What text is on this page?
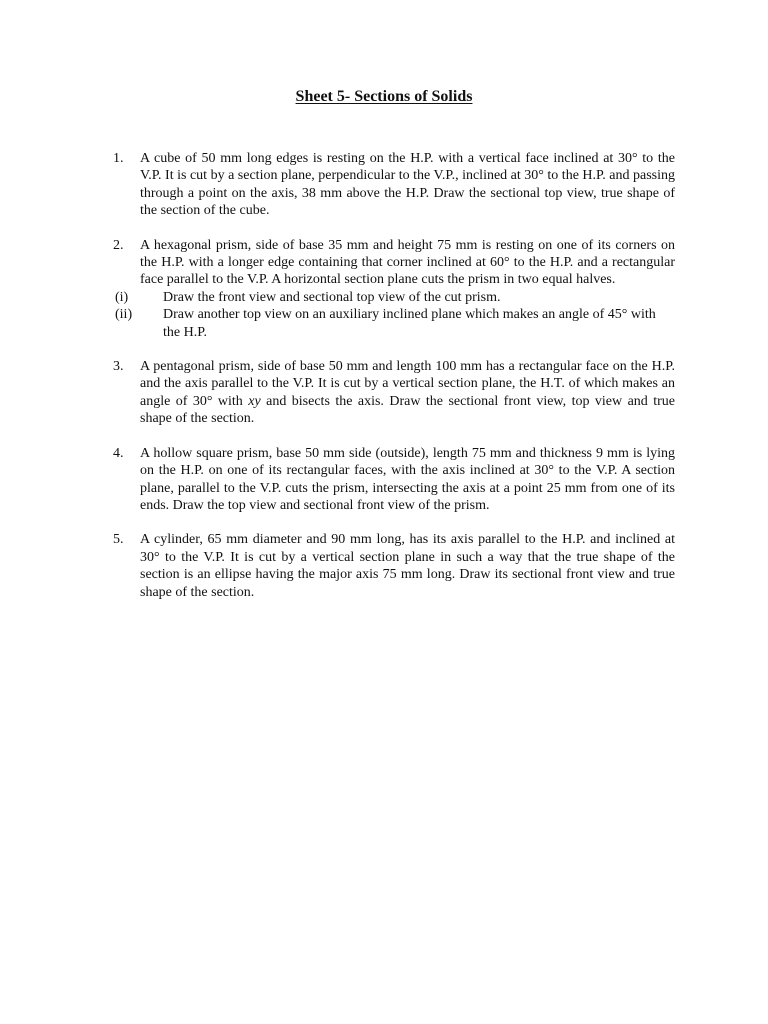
Sheet 5- Sections of Solids
1.	A cube of 50 mm long edges is resting on the H.P. with a vertical face inclined at 30° to the V.P. It is cut by a section plane, perpendicular to the V.P., inclined at 30° to the H.P. and passing through a point on the axis, 38 mm above the H.P. Draw the sectional top view, true shape of the section of the cube.

2.	A hexagonal prism, side of base 35 mm and height 75 mm is resting on one of its corners on the H.P. with a longer edge containing that corner inclined at 60° to the H.P. and a rectangular face parallel to the V.P. A horizontal section plane cuts the prism in two equal halves.

(i)	Draw the front view and sectional top view of the cut prism.
(ii)	Draw another top view on an auxiliary inclined plane which makes an angle of 45° with the H.P.
3.	A pentagonal prism, side of base 50 mm and length 100 mm has a rectangular face on the H.P. and the axis parallel to the V.P. It is cut by a vertical section plane, the H.T. of which makes an angle of 30° with xy and bisects the axis. Draw the sectional front view, top view and true shape of the section.

4.	A hollow square prism, base 50 mm side (outside), length 75 mm and thickness 9 mm is lying on the H.P. on one of its rectangular faces, with the axis inclined at 30° to the V.P. A section plane, parallel to the V.P. cuts the prism, intersecting the axis at a point 25 mm from one of its ends. Draw the top view and sectional front view of the prism.

5.	A cylinder, 65 mm diameter and 90 mm long, has its axis parallel to the H.P. and inclined at 30° to the V.P. It is cut by a vertical section plane in such a way that the true shape of the section is an ellipse having the major axis 75 mm long. Draw its sectional front view and true shape of the section.
